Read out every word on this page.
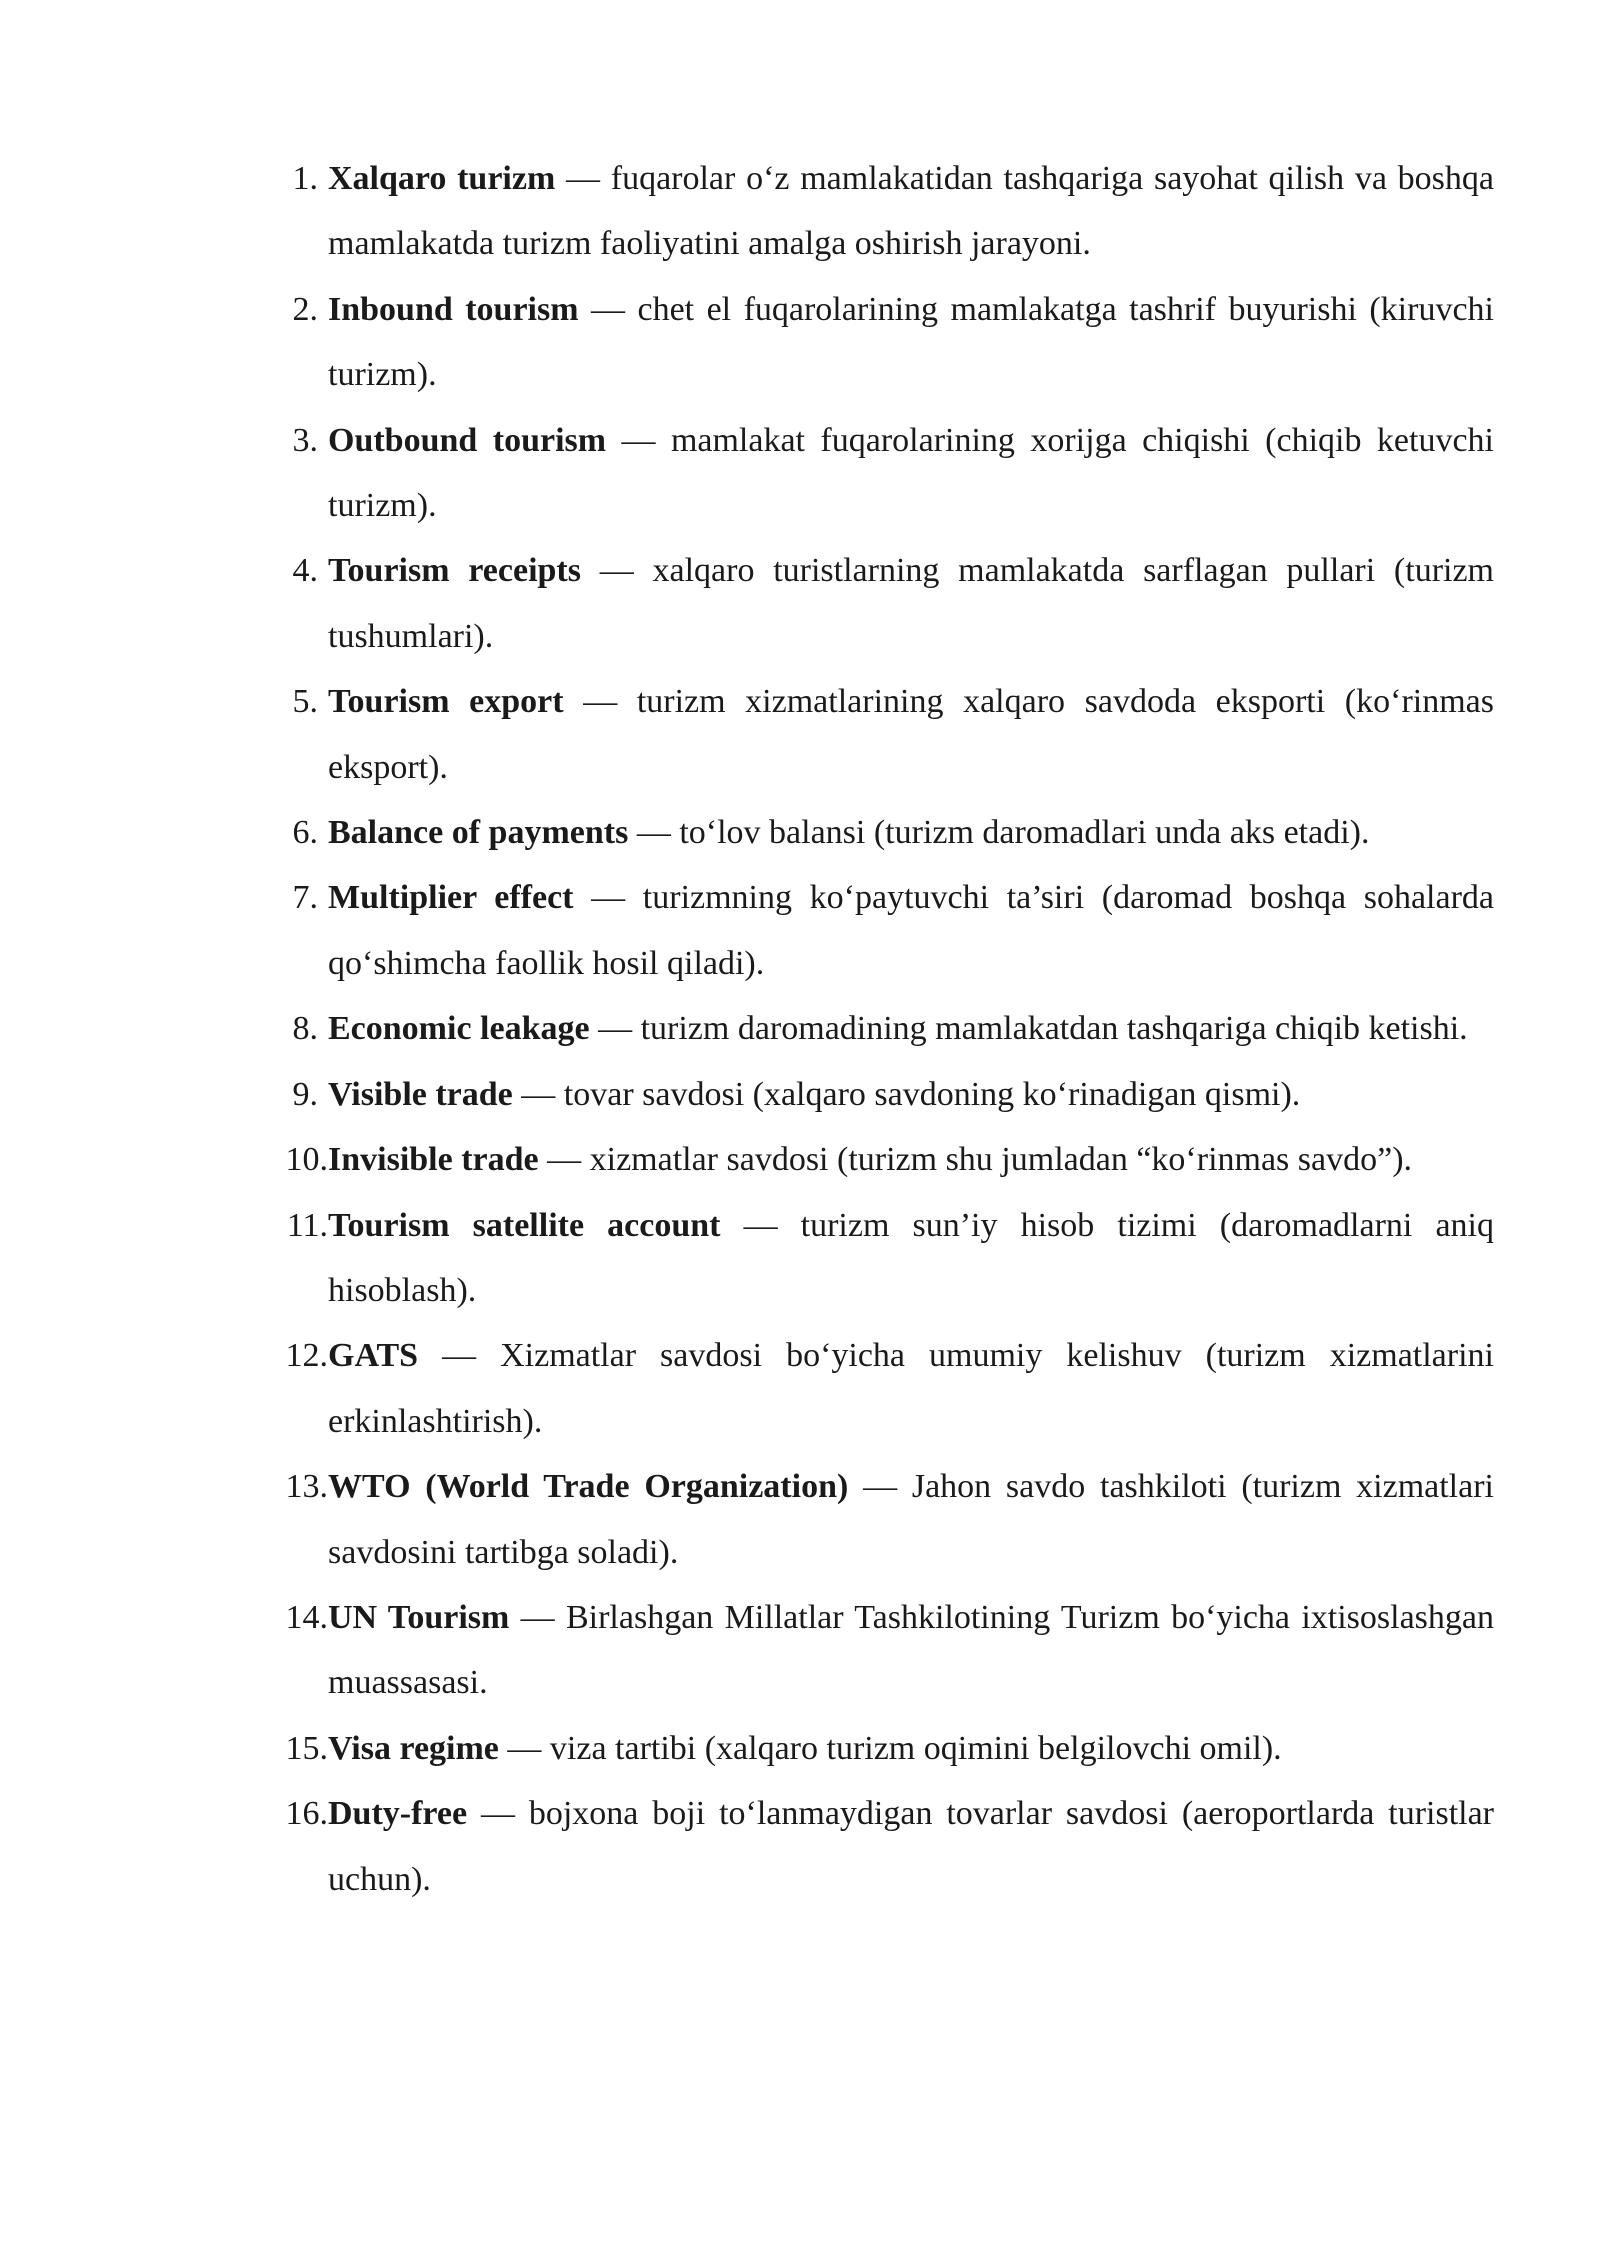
1. Xalqaro turizm — fuqarolar o‘z mamlakatidan tashqariga sayohat qilish va boshqa mamlakatda turizm faoliyatini amalga oshirish jarayoni.
2. Inbound tourism — chet el fuqarolarining mamlakatga tashrif buyurishi (kiruvchi turizm).
3. Outbound tourism — mamlakat fuqarolarining xorijga chiqishi (chiqib ketuvchi turizm).
4. Tourism receipts — xalqaro turistlarning mamlakatda sarflagan pullari (turizm tushumlari).
5. Tourism export — turizm xizmatlarining xalqaro savdoda eksporti (ko‘rinmas eksport).
6. Balance of payments — to‘lov balansi (turizm daromadlari unda aks etadi).
7. Multiplier effect — turizmning ko‘paytuvchi ta’siri (daromad boshqa sohalarda qo‘shimcha faollik hosil qiladi).
8. Economic leakage — turizm daromadining mamlakatdan tashqariga chiqib ketishi.
9. Visible trade — tovar savdosi (xalqaro savdoning ko‘rinadigan qismi).
10. Invisible trade — xizmatlar savdosi (turizm shu jumladan “ko‘rinmas savdo”).
11. Tourism satellite account — turizm sun’iy hisob tizimi (daromadlarni aniq hisoblash).
12. GATS — Xizmatlar savdosi bo‘yicha umumiy kelishuv (turizm xizmatlarini erkinlashtirish).
13. WTO (World Trade Organization) — Jahon savdo tashkiloti (turizm xizmatlari savdosini tartibga soladi).
14. UN Tourism — Birlashgan Millatlar Tashkilotining Turizm bo‘yicha ixtisoslashgan muassasasi.
15. Visa regime — viza tartibi (xalqaro turizm oqimini belgilovchi omil).
16. Duty-free — bojxona boji to‘lanmaydigan tovarlar savdosi (aeroportlarda turistlar uchun).
